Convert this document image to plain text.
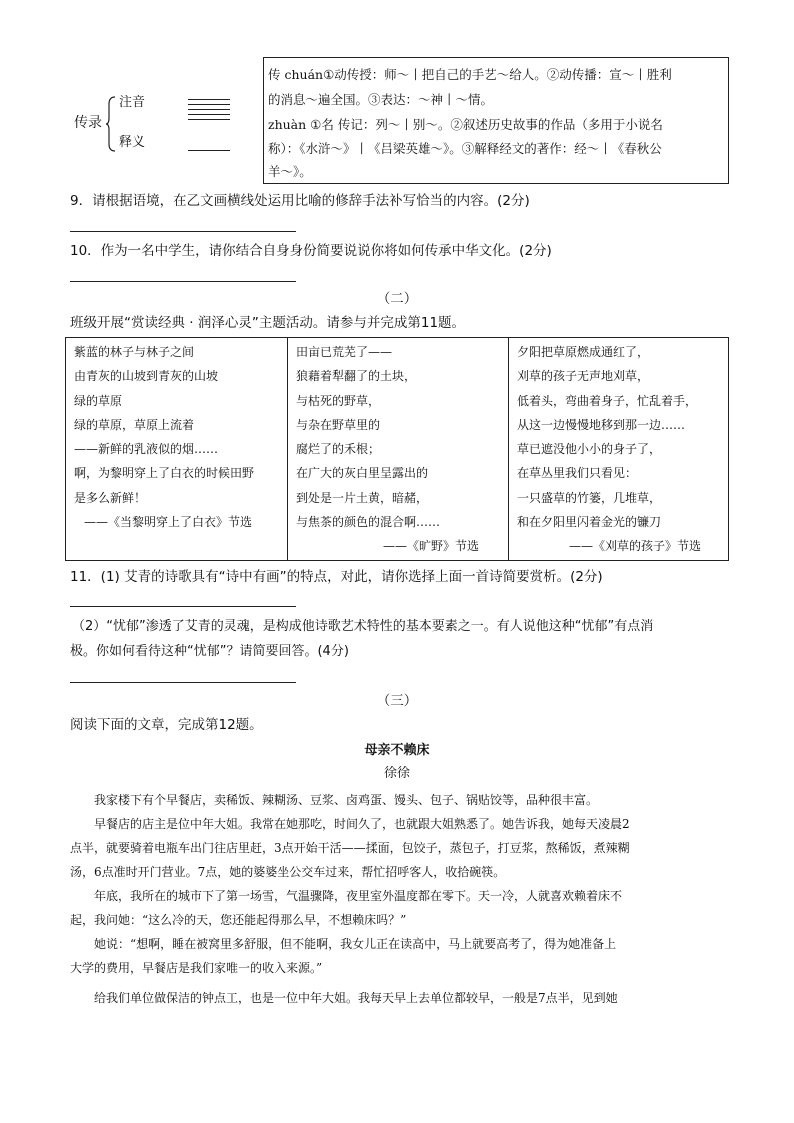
传录
注音
释义
传 chuán①动传授：师～丨把自己的手艺～给人。②动传播：宣～丨胜利
的消息～遍全国。③表达：～神丨～情。
zhuàn ①名 传记：列～丨别～。②叙述历史故事的作品（多用于小说名
称）：《水浒～》丨《吕梁英雄～》。③解释经文的著作：经～丨《春秋公
羊～》。
9．请根据语境，在乙文画横线处运用比喻的修辞手法补写恰当的内容。(2分)
10．作为一名中学生，请你结合自身身份简要说说你将如何传承中华文化。(2分)
（二）
班级开展“赏读经典 · 润泽心灵”主题活动。请参与并完成第11题。
紫蓝的林子与林子之间
由青灰的山坡到青灰的山坡
绿的草原
绿的草原，草原上流着
——新鲜的乳液似的烟……
啊，为黎明穿上了白衣的时候田野
是多么新鲜！
——《当黎明穿上了白衣》节选
田亩已荒芜了——
狼藉着犁翻了的土块，
与枯死的野草，
与杂在野草里的
腐烂了的禾根；
在广大的灰白里呈露出的
到处是一片土黄，暗赭，
与焦茶的颜色的混合啊……
——《旷野》节选
夕阳把草原燃成通红了，
刈草的孩子无声地刈草，
低着头，弯曲着身子，忙乱着手，
从这一边慢慢地移到那一边……
草已遮没他小小的身子了，
在草丛里我们只看见：
一只盛草的竹篓，几堆草，
和在夕阳里闪着金光的镰刀
——《刈草的孩子》节选
11．(1) 艾青的诗歌具有“诗中有画”的特点，对此，请你选择上面一首诗简要赏析。(2分)
（2）“忧郁”渗透了艾青的灵魂，是构成他诗歌艺术特性的基本要素之一。有人说他这种“忧郁”有点消
极。你如何看待这种“忧郁”？请简要回答。(4分)
（三）
阅读下面的文章，完成第12题。
母亲不赖床
徐徐
　　我家楼下有个早餐店，卖稀饭、辣糊汤、豆浆、卤鸡蛋、馒头、包子、锅贴饺等，品种很丰富。
　　早餐店的店主是位中年大姐。我常在她那吃，时间久了，也就跟大姐熟悉了。她告诉我，她每天凌晨2
点半，就要骑着电瓶车出门往店里赶，3点开始干活——揉面，包饺子，蒸包子，打豆浆，熬稀饭，煮辣糊
汤，6点准时开门营业。7点，她的婆婆坐公交车过来，帮忙招呼客人，收拾碗筷。
　　年底，我所在的城市下了第一场雪，气温骤降，夜里室外温度都在零下。天一冷，人就喜欢赖着床不
起，我问她：“这么冷的天，您还能起得那么早，不想赖床吗？”
　　她说：“想啊，睡在被窝里多舒服，但不能啊，我女儿正在读高中，马上就要高考了，得为她准备上
大学的费用，早餐店是我们家唯一的收入来源。”
　　给我们单位做保洁的钟点工，也是一位中年大姐。我每天早上去单位都较早，一般是7点半，见到她
